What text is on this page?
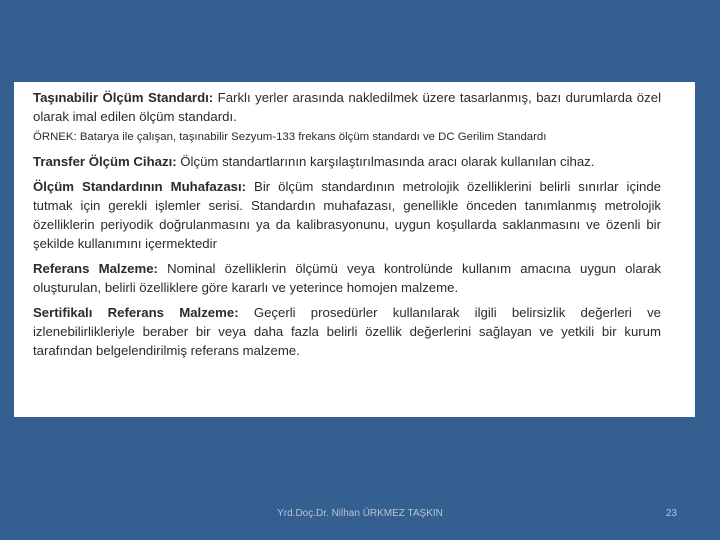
Taşınabilir Ölçüm Standardı: Farklı yerler arasında nakledilmek üzere tasarlanmış, bazı durumlarda özel olarak imal edilen ölçüm standardı.

ÖRNEK: Batarya ile çalışan, taşınabilir Sezyum-133 frekans ölçüm standardı ve DC Gerilim Standardı

Transfer Ölçüm Cihazı: Ölçüm standartlarının karşılaştırılmasında aracı olarak kullanılan cihaz.

Ölçüm Standardının Muhafazası: Bir ölçüm standardının metrolojik özelliklerini belirli sınırlar içinde tutmak için gerekli işlemler serisi. Standardın muhafazası, genellikle önceden tanımlanmış metrolojik özelliklerin periyodik doğrulanmasını ya da kalibrasyonunu, uygun koşullarda saklanmasını ve özenli bir şekilde kullanımını içermektedir

Referans Malzeme: Nominal özelliklerin ölçümü veya kontrolünde kullanım amacına uygun olarak oluşturulan, belirli özelliklere göre kararlı ve yeterince homojen malzeme.

Sertifikalı Referans Malzeme: Geçerli prosedürler kullanılarak ilgili belirsizlik değerleri ve izlenebilirlikleriyle beraber bir veya daha fazla belirli özellik değerlerini sağlayan ve yetkili bir kurum tarafından belgelendirilmiş referans malzeme.

Yrd.Doç.Dr. Nilhan ÜRKMEZ TAŞKIN	23
